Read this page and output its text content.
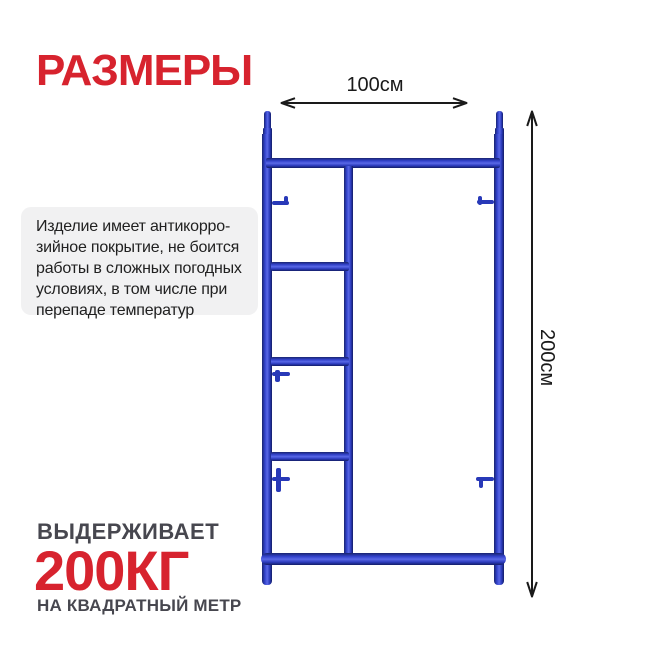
РАЗМЕРЫ	100см
200см
Изделие имеет антикорро-
зийное покрытие, не боится
работы в сложных погодных
условиях, в том числе при
перепаде температур
ВЫДЕРЖИВАЕТ
200КГ
НА КВАДРАТНЫЙ МЕТР
